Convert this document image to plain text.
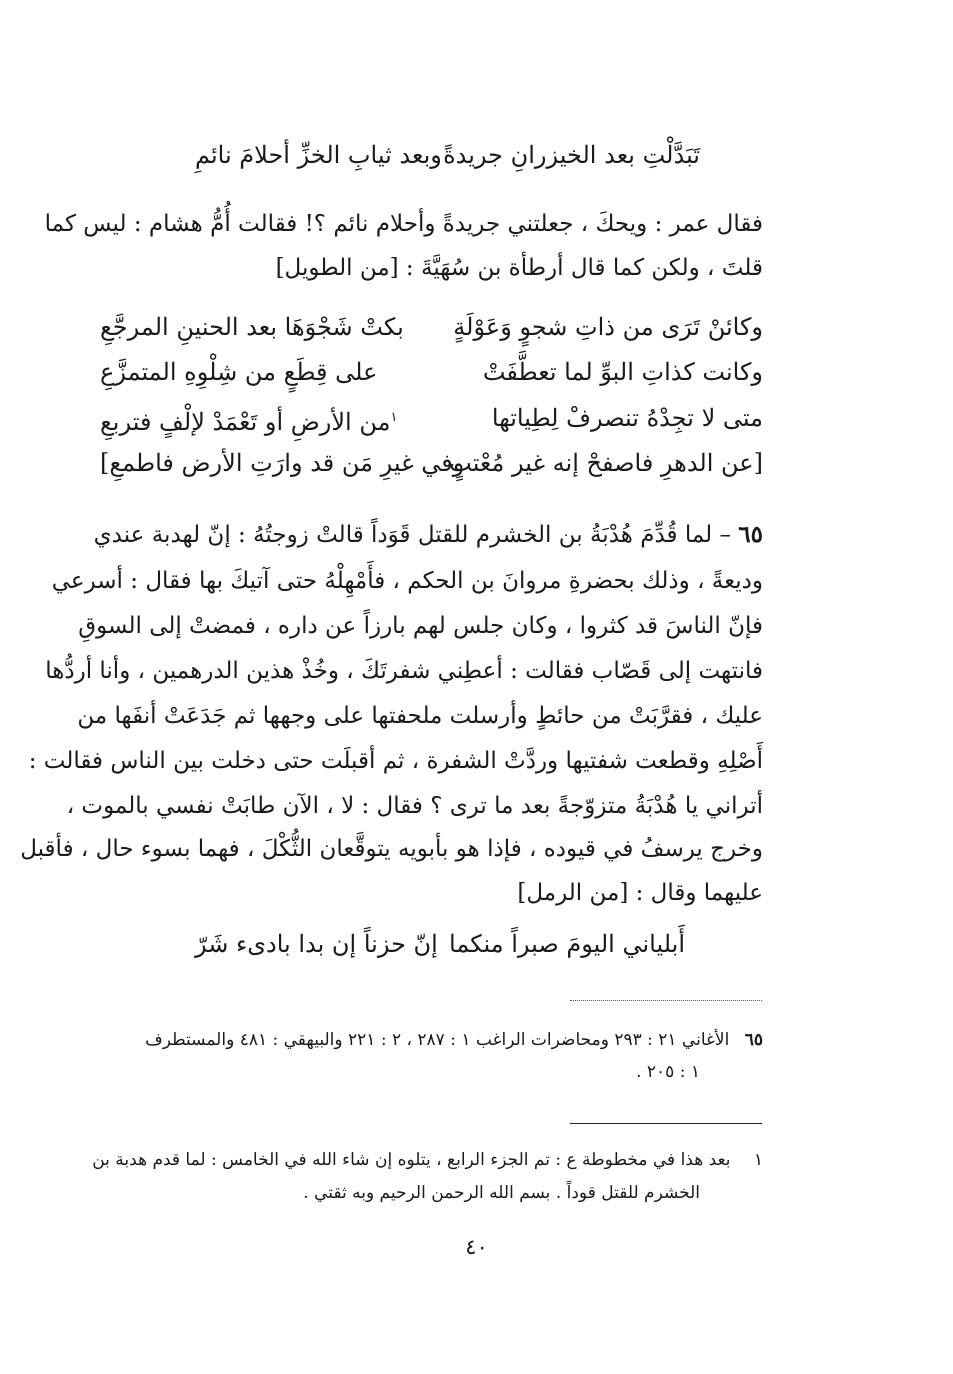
تَبَدَّلْتِ بعد الخيزرانِ جريدةً
وبعد ثيابِ الخزِّ أحلامَ نائمِ
فقال عمر : ويحكَ ، جعلتني جريدةً وأحلام نائم ؟! فقالت أُمُّ هشام : ليس كما
قلتَ ، ولكن كما قال أرطأة بن سُهَيَّةَ : [من الطويل]
وكائنْ تَرَى من ذاتِ شجوٍ وَعَوْلَةٍ
بكتْ شَجْوَهَا بعد الحنينِ المرجَّعِ
وكانت كذاتِ البوِّ لما تعطَّفَتْ
على قِطَعٍ من شِلْوِهِ المتمزَّعِ
متى لا تجِدْهُ تنصرفْ لِطِياتها
$^١$من الأرضِ أو تَعْمَدْ لإلْفٍ فتربعِ
[عن الدهرِ فاصفحْ إنه غير مُعْتبٍ
وفي غيرِ مَن قد وارَتِ الأرض فاطمعِ]
٦٥ – لما قُدِّمَ هُدْبَةُ بن الخشرم للقتل قَوَداً قالتْ زوجتُهُ : إنّ لهدبة عندي
وديعةً ، وذلك بحضرةِ مروانَ بن الحكم ، فأَمْهِلْهُ حتى آتيكَ بها فقال : أسرعي
فإنّ الناسَ قد كثروا ، وكان جلس لهم بارزاً عن داره ، فمضتْ إلى السوقِ
فانتهت إلى قَصّاب فقالت : أعطِني شفرتَكَ ، وخُذْ هذين الدرهمين ، وأنا أردُّها
عليك ، فقرَّبَتْ من حائطٍ وأرسلت ملحفتها على وجهها ثم جَدَعَتْ أنفَها من
أَصْلِهِ وقطعت شفتيها وردَّتْ الشفرة ، ثم أقبلَت حتى دخلت بين الناس فقالت :
أتراني يا هُدْبَةُ متزوّجةً بعد ما ترى ؟ فقال : لا ، الآن طابَتْ نفسي بالموت ،
وخرج يرسفُ في قيوده ، فإذا هو بأبويه يتوقَّعان الثُّكْلَ ، فهما بسوء حال ، فأقبل
عليهما وقال : [من الرمل]
أَبلياني اليومَ صبراً منكما
إنّ حزناً إن بدا بادىء شَرّ
٦٥ الأغاني ٢١ : ٢٩٣ ومحاضرات الراغب ١ : ٢٨٧ ، ٢ : ٢٢١ والبيهقي : ٤٨١ والمستطرف
١ : ٢٠٥ .
١ بعد هذا في مخطوطة ع : تم الجزء الرابع ، يتلوه إن شاء الله في الخامس : لما قدم هدبة بن
الخشرم للقتل قوداً . بسم الله الرحمن الرحيم وبه ثقتي .
٤٠
